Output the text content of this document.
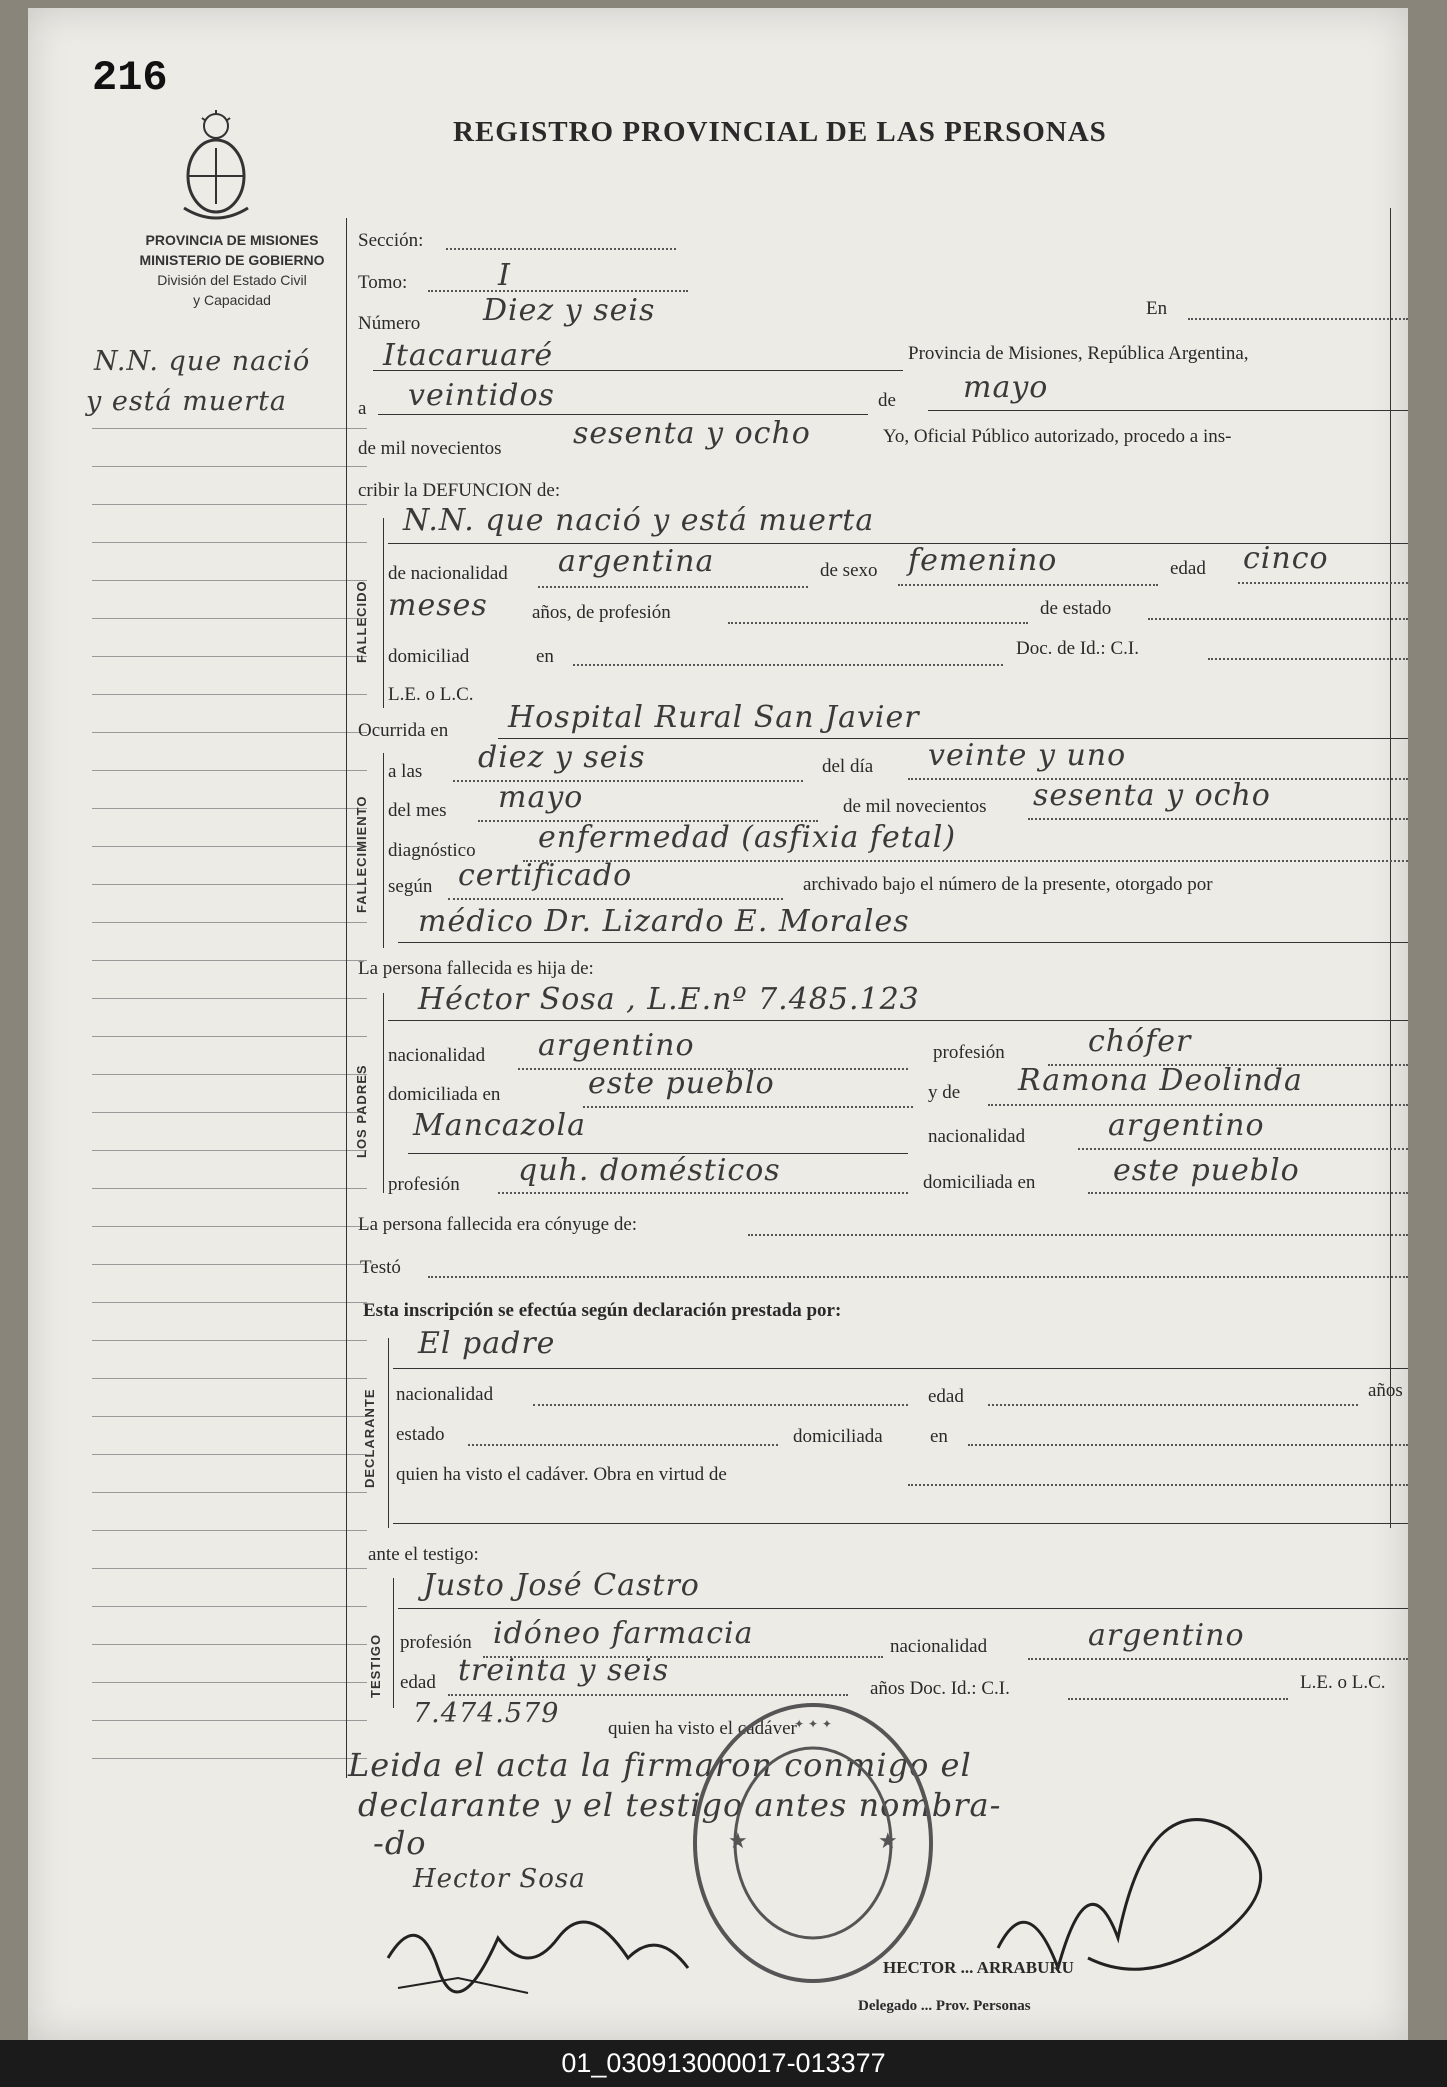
216
REGISTRO PROVINCIAL DE LAS PERSONAS
PROVINCIA DE MISIONES
MINISTERIO DE GOBIERNO
División del Estado Civil
y Capacidad
N.N. que nació
y está muerta
Sección:
Tomo:	I
Número Diez y seis	En
Itacaruaré	Provincia de Misiones, República Argentina,
a veintidos	de mayo
de mil novecientos sesenta y ocho	Yo, Oficial Público autorizado, procedo a ins-
cribir la DEFUNCION de:
FALLECIDO
N.N. que nació y está muerta
de nacionalidad argentina	de sexo femenino	edad cinco
meses años, de profesión	de estado
domiciliad	en	Doc. de Id.: C.I.
L.E. o L.C.
Ocurrida en Hospital Rural San Javier
FALLECIMIENTO
a las diez y seis	del día veinte y uno
del mes mayo	de mil novecientos sesenta y ocho
diagnóstico enfermedad (asfixia fetal)
según certificado	archivado bajo el número de la presente, otorgado por
médico Dr. Lizardo E. Morales
La persona fallecida es hija de:
LOS PADRES
Héctor Sosa , L.E.nº 7.485.123
nacionalidad argentino	profesión	chófer
domiciliada en	este pueblo	y de Ramona Deolinda
Mancazola	nacionalidad	argentino
profesión quh. domésticos	domiciliada en	este pueblo
La persona fallecida era cónyuge de:
Testó
Esta inscripción se efectúa según declaración prestada por:
DECLARANTE
El padre
nacionalidad	edad	años
estado	domiciliada en
quien ha visto el cadáver. Obra en virtud de
ante el testigo:
TESTIGO
Justo José Castro
profesión idóneo farmacia	nacionalidad	argentino
edad treinta y seis
años Doc. Id.: C.I.	L.E. o L.C.
7.474.579	quien ha visto el cadáver
Leida el acta la firmaron conmigo el
declarante y el testigo antes nombra-
-do
Hector Sosa
✦ ✦ ✦
★	★
HECTOR ... ARRABURU
Delegado ... Prov. Personas
01_030913000017-013377
